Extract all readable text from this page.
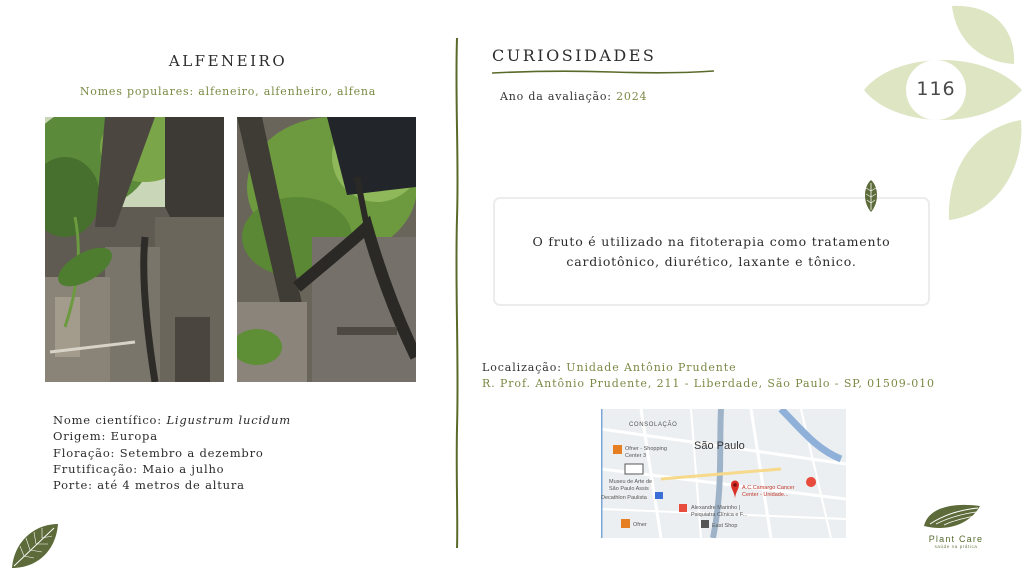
ALFENEIRO
Nomes populares: alfeneiro, alfenheiro, alfena
Nome científico: Ligustrum lucidum
Origem: Europa
Floração: Setembro a dezembro
Frutificação: Maio a julho
Porte: até 4 metros de altura
CURIOSIDADES
Ano da avaliação: 2024	116
O fruto é utilizado na fitoterapia como tratamento cardiotônico, diurético, laxante e tônico.
Localização: Unidade Antônio Prudente
R. Prof. Antônio Prudente, 211 - Liberdade, São Paulo - SP, 01509-010
CONSOLAÇÃO
São Paulo
Ofner - Shopping
Center 3
Museu de Arte de
São Paulo Assis
Decathlon Paulista
A.C.Camargo Cancer
Center - Unidade...
Alexandre Marinho |
Psiquiatra Clínica e F...
East Shop
Ofner
Plant Care
saúde na prática
